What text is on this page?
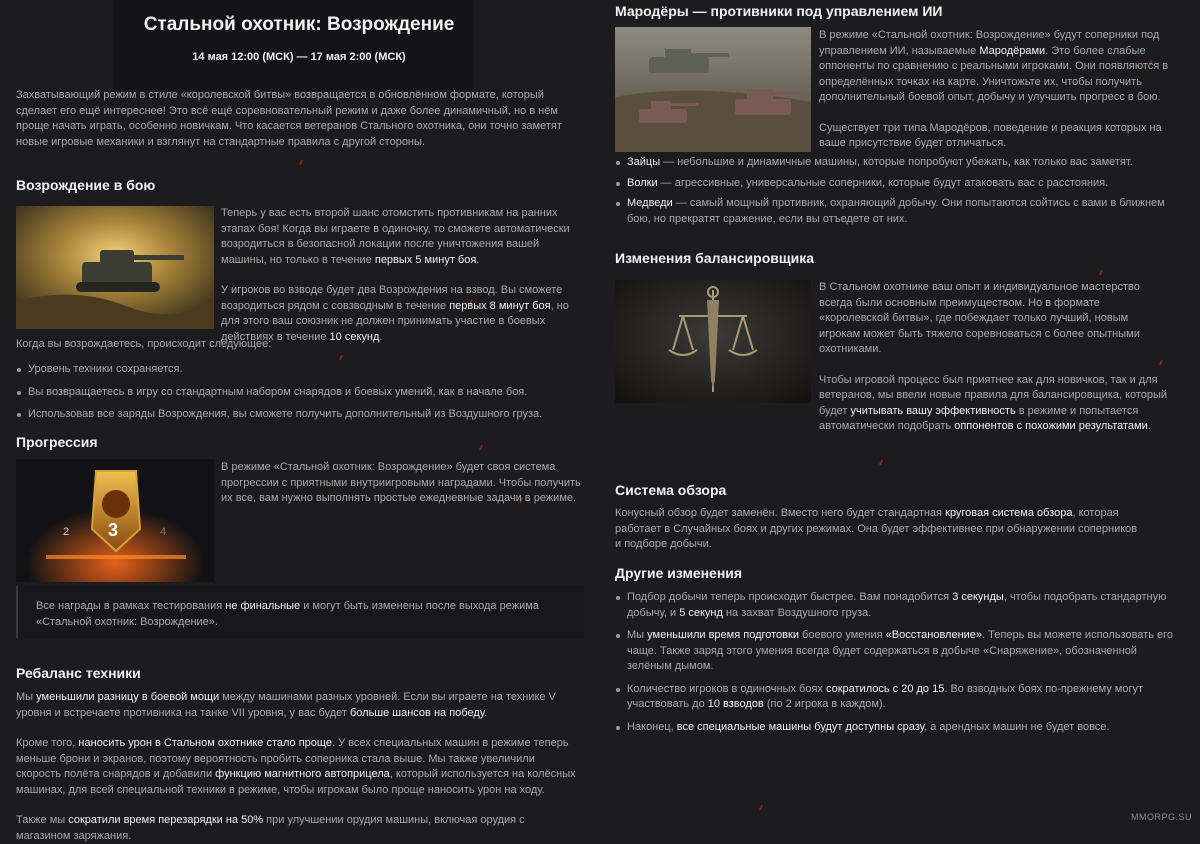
Стальной охотник: Возрождение
14 мая 12:00 (МСК) — 17 мая 2:00 (МСК)

Захватывающий режим в стиле «королевской битвы» возвращается в обновлённом формате, который сделает его ещё интереснее! Это всё ещё соревновательный режим и даже более динамичный, но в нём проще начать играть, особенно новичкам. Что касается ветеранов Стального охотника, они точно заметят новые игровые механики и взглянут на стандартные правила с другой стороны.

Возрождение в бою

Теперь у вас есть второй шанс отомстить противникам на ранних этапах боя! Когда вы играете в одиночку, то сможете автоматически возродиться в безопасной локации после уничтожения вашей машины, но только в течение первых 5 минут боя.

У игроков во взводе будет два Возрождения на взвод. Вы сможете возродиться рядом с совзводным в течение первых 8 минут боя, но для этого ваш союзник не должен принимать участие в боевых действиях в течение 10 секунд.

Когда вы возрождаетесь, происходит следующее:

Уровень техники сохраняется.
Вы возвращаетесь в игру со стандартным набором снарядов и боевых умений, как в начале боя.
Использовав все заряды Возрождения, вы сможете получить дополнительный из Воздушного груза.
Прогрессия
3
2	4

В режиме «Стальной охотник: Возрождение» будет своя система прогрессии с приятными внутриигровыми наградами. Чтобы получить их все, вам нужно выполнять простые ежедневные задачи в режиме.

Все награды в рамках тестирования не финальные и могут быть изменены после выхода режима «Стальной охотник: Возрождение».

Ребаланс техники

Мы уменьшили разницу в боевой мощи между машинами разных уровней. Если вы играете на технике V уровня и встречаете противника на танке VII уровня, у вас будет больше шансов на победу.

Кроме того, наносить урон в Стальном охотнике стало проще. У всех специальных машин в режиме теперь меньше брони и экранов, поэтому вероятность пробить соперника стала выше. Мы также увеличили скорость полёта снарядов и добавили функцию магнитного автоприцела, который используется на колёсных машинах, для всей специальной техники в режиме, чтобы игрокам было проще наносить урон на ходу.

Также мы сократили время перезарядки на 50% при улучшении орудия машины, включая орудия с магазином заряжания.

Мародёры — противники под управлением ИИ

В режиме «Стальной охотник: Возрождение» будут соперники под управлением ИИ, называемые Мародёрами. Это более слабые оппоненты по сравнению с реальными игроками. Они появляются в определённых точках на карте. Уничтожьте их, чтобы получить дополнительный боевой опыт, добычу и улучшить прогресс в бою.

Существует три типа Мародёров, поведение и реакция которых на ваше присутствие будет отличаться.

Зайцы — небольшие и динамичные машины, которые попробуют убежать, как только вас заметят.
Волки — агрессивные, универсальные соперники, которые будут атаковать вас с расстояния.
Медведи — самый мощный противник, охраняющий добычу. Они попытаются сойтись с вами в ближнем бою, но прекратят сражение, если вы отъедете от них.
Изменения балансировщика

В Стальном охотнике ваш опыт и индивидуальное мастерство всегда были основным преимуществом. Но в формате «королевской битвы», где побеждает только лучший, новым игрокам может быть тяжело соревноваться с более опытными охотниками.

Чтобы игровой процесс был приятнее как для новичков, так и для ветеранов, мы ввели новые правила для балансировщика, который будет учитывать вашу эффективность в режиме и попытается автоматически подобрать оппонентов с похожими результатами.

Система обзора

Конусный обзор будет заменён. Вместо него будет стандартная круговая система обзора, которая работает в Случайных боях и других режимах. Она будет эффективнее при обнаружении соперников и подборе добычи.

Другие изменения
Подбор добычи теперь происходит быстрее. Вам понадобится 3 секунды, чтобы подобрать стандартную добычу, и 5 секунд на захват Воздушного груза.
Мы уменьшили время подготовки боевого умения «Восстановление». Теперь вы можете использовать его чаще. Также заряд этого умения всегда будет содержаться в добыче «Снаряжение», обозначенной зелёным дымом.
Количество игроков в одиночных боях сократилось с 20 до 15. Во взводных боях по-прежнему могут участвовать до 10 взводов (по 2 игрока в каждом).
Наконец, все специальные машины будут доступны сразу, а арендных машин не будет вовсе.
MMORPG.SU
